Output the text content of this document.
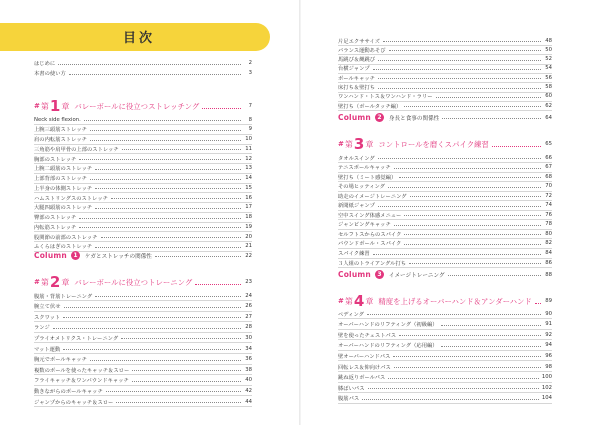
目次
はじめに	2
本書の使い方	3
# 第 1 章 バレーボールに役立つストレッチング	7
Neck side flexion.	8
上腕三頭筋ストレッチ	9
肩の内転筋ストレッチ	10
三角筋や肩甲骨の上部のストレッチ	11
胸部のストレッチ	12
上腕二頭筋のストレッチ	13
上部背部のストレッチ	14
上半身の体側ストレッチ	15
ハムストリングスのストレッチ	16
大腿四頭筋のストレッチ	17
臀部のストレッチ	18
内転筋ストレッチ	19
股関節の前部のストレッチ	20
ふくらはぎのストレッチ	21
Column	1	ケガとストレッチの関係性	22
# 第 2 章 バレーボールに役立つトレーニング	23
腹筋・背筋トレーニング	24
腕立て伏せ	26
スクワット	27
ランジ	28
プライオメトリクス・トレーニング	30
マット運動	34
胸元でボールキャッチ	36
複数のボールを使ったキャッチ＆スロー	38
フライキャッチ＆ワンバウンドキャッチ	40
動きながらのボールキャッチ	42
ジャンプからのキャッチ＆スロー	44
片足エクササイズ	48
バランス運動あそび	50
馬跳び＆縄跳び	52
台横ジャンプ	54
ボールキャッチ	56
床打ち＆壁打ち	58
ワンハンド・トス＆ワンハンド・ラリー	60
壁打ち（ボールタッチ編）	62
Column	2	身長と食事の関係性	64
# 第 3 章 コントロールを磨くスパイク練習	65
タオルスイング	66
テニスボールキャッチ	67
壁打ち（ミート感覚編）	68
その場ヒッティング	70
助走のイメージトレーニング	72
新聞紙ジャンプ	74
空中スイング体感メニュー	76
ジャンピングキャッチ	78
セルフトスからのスパイク	80
バウンドボール・スパイク	82
スパイク練習	84
３人組のトライアングル打ち	86
Column	3	イメージトレーニング	88
# 第 4 章 精度を上げるオーバーハンド＆アンダーハンド	89
ペディング	90
オーバーハンドのリフティング（初級編）	91
壁を使ったチェストパス	92
オーバーハンドのリフティング（応用編）	94
壁オーバーハンドパス	96
回転レス＆仰向けパス	98
跳ね返りボールパス	100
膝ばいパス	102
腹筋パス	104
